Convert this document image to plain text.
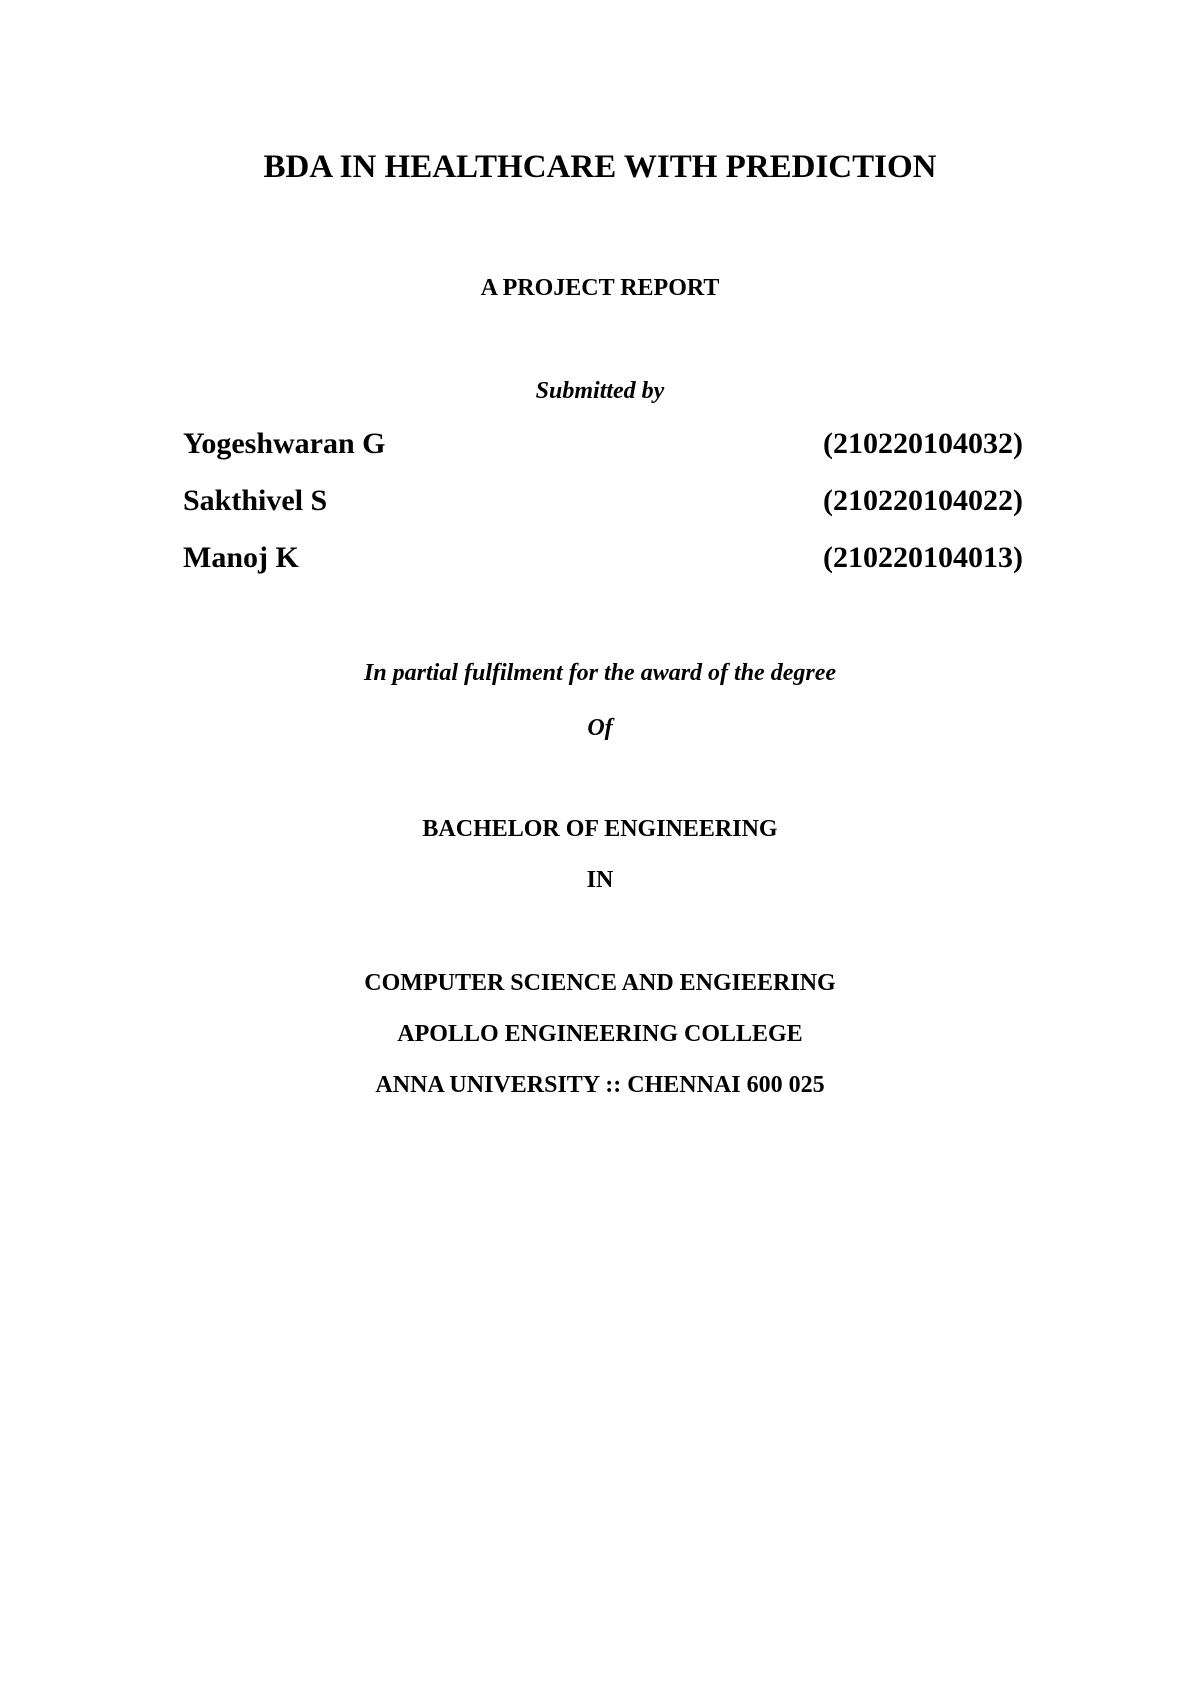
BDA IN HEALTHCARE WITH PREDICTION
A PROJECT REPORT
Submitted by
Yogeshwaran G	(210220104032)
Sakthivel S	(210220104022)
Manoj K	(210220104013)
In partial fulfilment for the award of the degree
Of
BACHELOR OF ENGINEERING
IN
COMPUTER SCIENCE AND ENGIEERING
APOLLO ENGINEERING COLLEGE
ANNA UNIVERSITY :: CHENNAI 600 025
